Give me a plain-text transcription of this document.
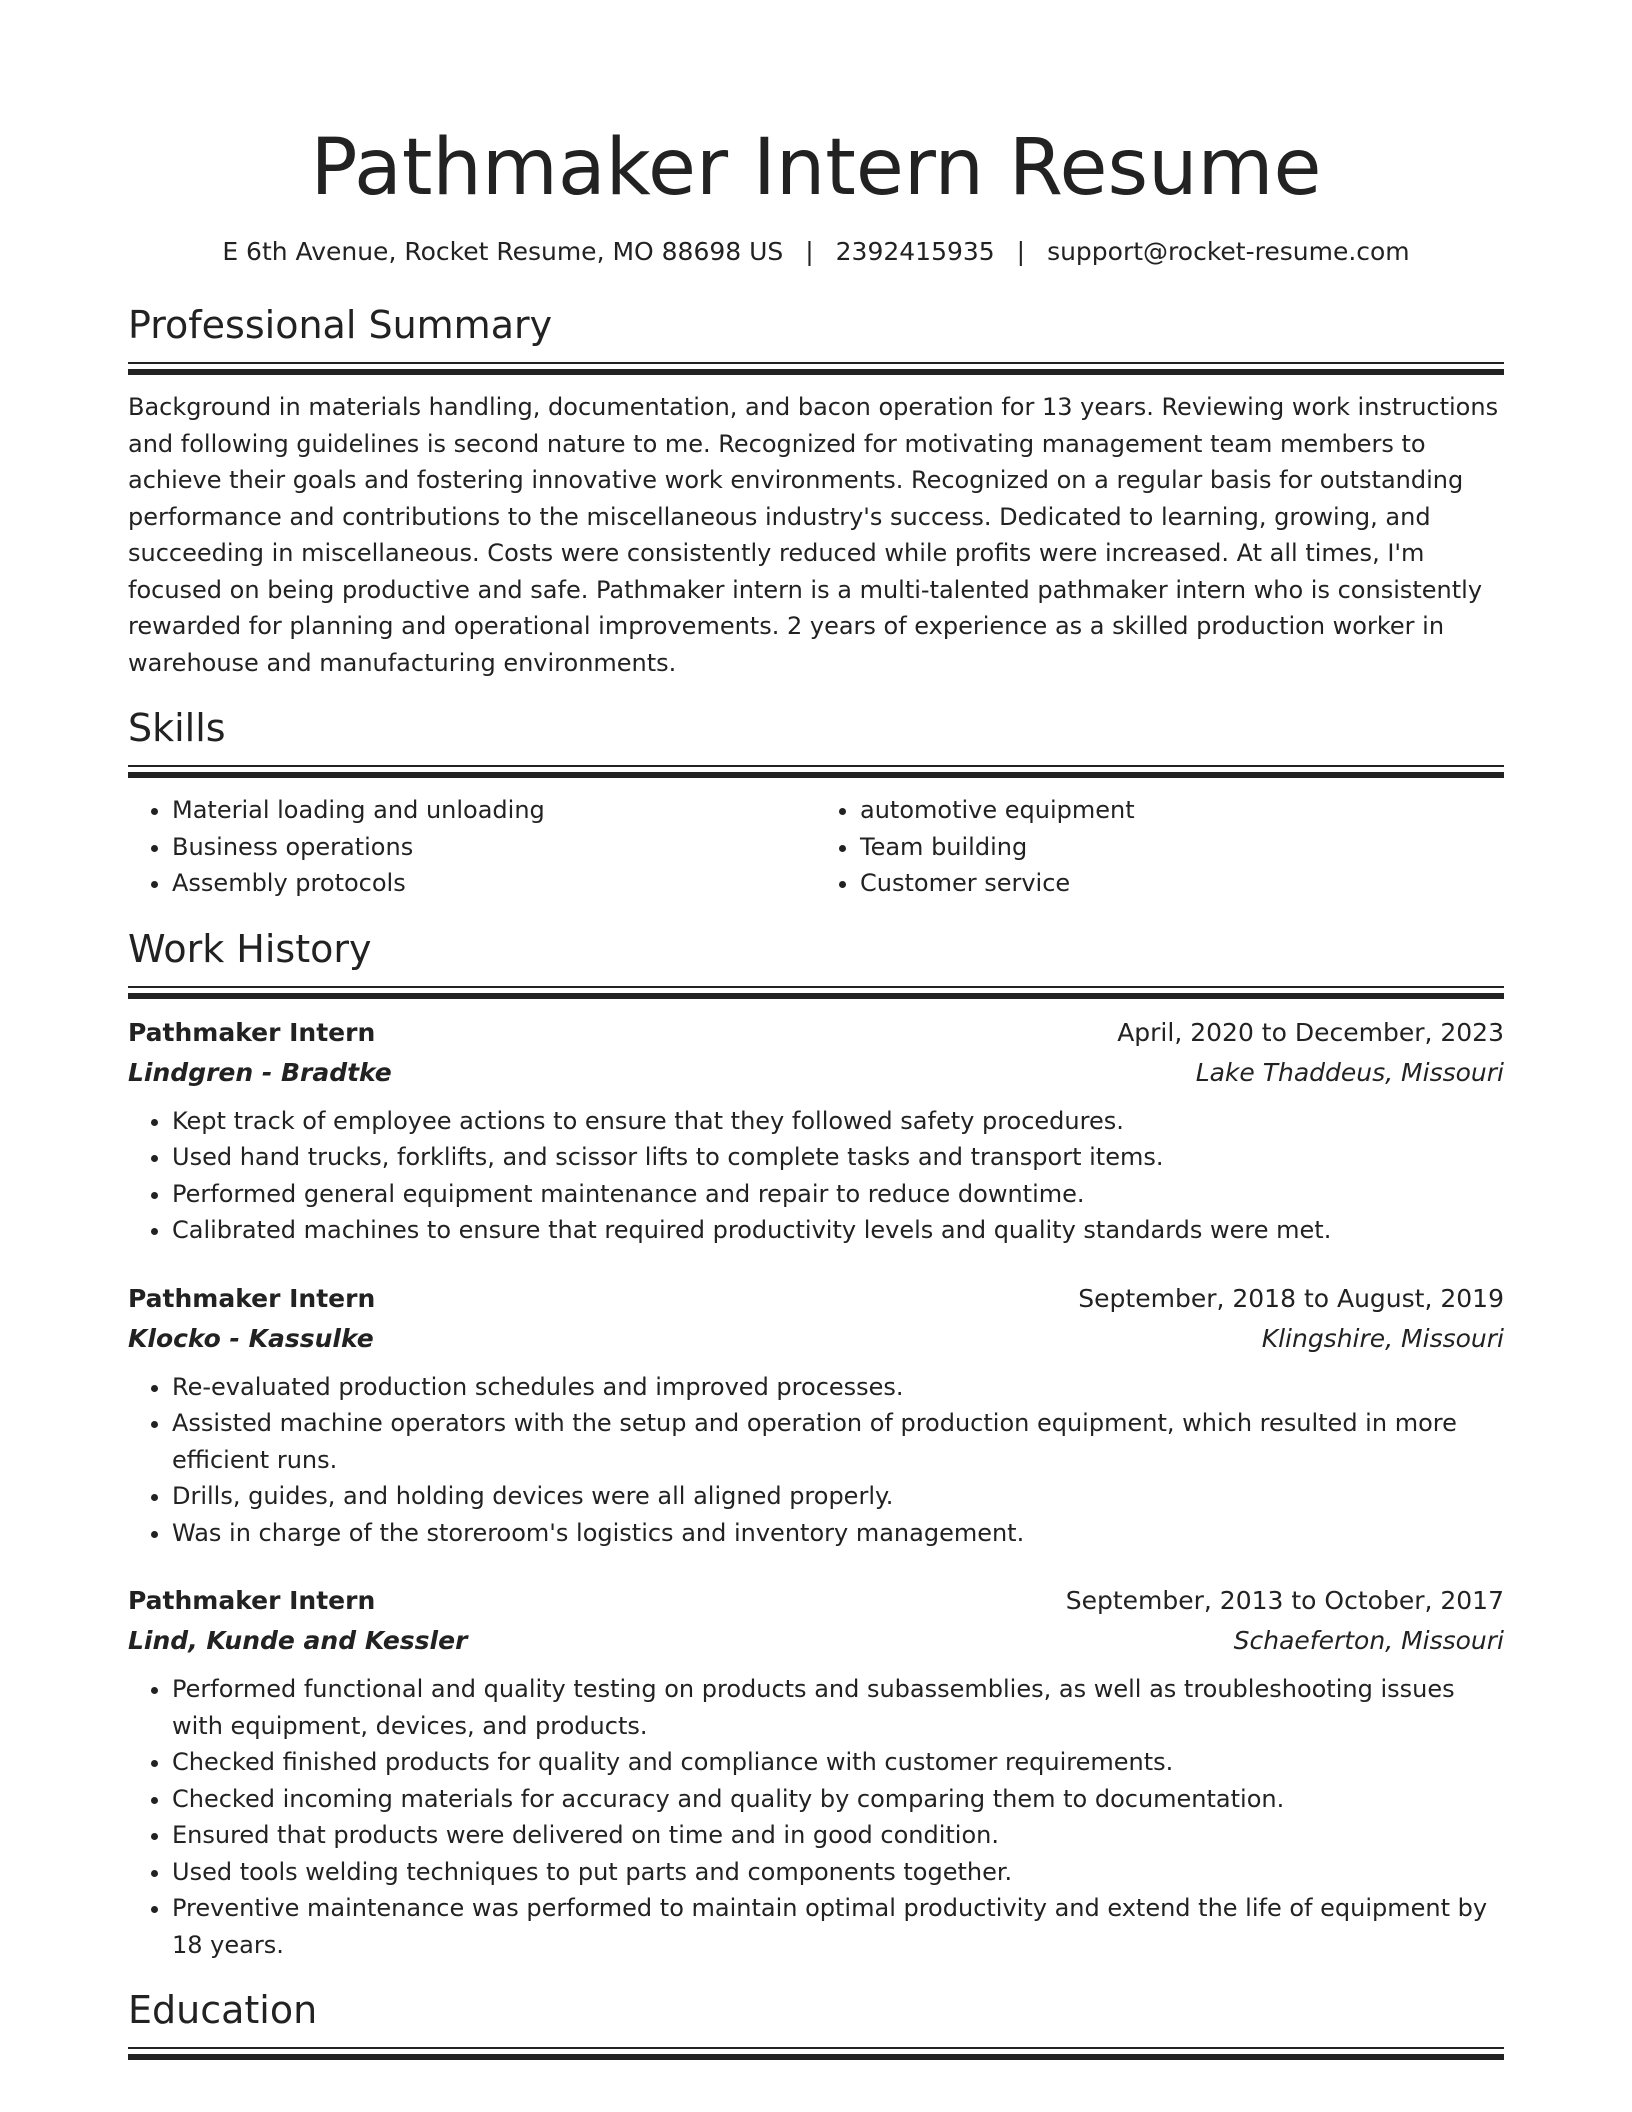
Pathmaker Intern Resume
E 6th Avenue, Rocket Resume, MO 88698 US | 2392415935 | support@rocket-resume.com
Professional Summary

Background in materials handling, documentation, and bacon operation for 13 years. Reviewing work instructions and following guidelines is second nature to me. Recognized for motivating management team members to achieve their goals and fostering innovative work environments. Recognized on a regular basis for outstanding performance and contributions to the miscellaneous industry's success. Dedicated to learning, growing, and succeeding in miscellaneous. Costs were consistently reduced while profits were increased. At all times, I'm focused on being productive and safe. Pathmaker intern is a multi-talented pathmaker intern who is consistently rewarded for planning and operational improvements. 2 years of experience as a skilled production worker in warehouse and manufacturing environments.

Skills
• Material loading and unloading
• Business operations
• Assembly protocols
• automotive equipment
• Team building
• Customer service
Work History
Pathmaker Intern	April, 2020 to December, 2023
Lindgren - Bradtke	Lake Thaddeus, Missouri
• Kept track of employee actions to ensure that they followed safety procedures.
• Used hand trucks, forklifts, and scissor lifts to complete tasks and transport items.
• Performed general equipment maintenance and repair to reduce downtime.
• Calibrated machines to ensure that required productivity levels and quality standards were met.
Pathmaker Intern	September, 2018 to August, 2019
Klocko - Kassulke	Klingshire, Missouri
• Re-evaluated production schedules and improved processes.
• Assisted machine operators with the setup and operation of production equipment, which resulted in more efficient runs.
• Drills, guides, and holding devices were all aligned properly.
• Was in charge of the storeroom's logistics and inventory management.
Pathmaker Intern	September, 2013 to October, 2017
Lind, Kunde and Kessler	Schaeferton, Missouri
• Performed functional and quality testing on products and subassemblies, as well as troubleshooting issues with equipment, devices, and products.
• Checked finished products for quality and compliance with customer requirements.
• Checked incoming materials for accuracy and quality by comparing them to documentation.
• Ensured that products were delivered on time and in good condition.
• Used tools welding techniques to put parts and components together.
• Preventive maintenance was performed to maintain optimal productivity and extend the life of equipment by 18 years.
Education
